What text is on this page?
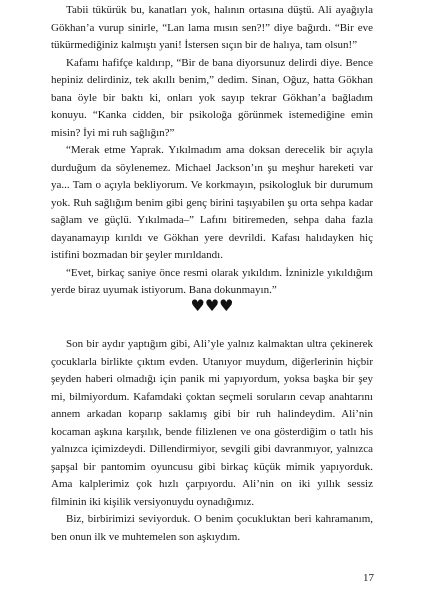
Tabii tükürük bu, kanatları yok, halının ortasına düştü. Ali ayağıyla Gökhan’a vurup sinirle, “Lan lama mısın sen?!” diye bağırdı. “Bir eve tükürmediğiniz kalmıştı yani! İstersen sıçın bir de halıya, tam olsun!”

Kafamı hafifçe kaldırıp, “Bir de bana diyorsunuz delirdi diye. Bence hepiniz delirdiniz, tek akıllı benim,” dedim. Sinan, Oğuz, hatta Gökhan bana öyle bir baktı ki, onları yok sayıp tekrar Gökhan’a bağladım konuyu. “Kanka cidden, bir psikoloğa görünmek istemediğine emin misin? İyi mi ruh sağlığın?”

“Merak etme Yaprak. Yıkılmadım ama doksan derecelik bir açıyla durduğum da söylenemez. Michael Jackson’ın şu meşhur hareketi var ya... Tam o açıyla bekliyorum. Ve korkmayın, psikologluk bir durumum yok. Ruh sağlığım benim gibi genç birini taşıyabilen şu orta sehpa kadar sağlam ve güçlü. Yıkılmada–” Lafını bitiremeden, sehpa daha fazla dayanamayıp kırıldı ve Gökhan yere devrildi. Kafası halıdayken hiç istifini bozmadan bir şeyler mırıldandı.

“Evet, birkaç saniye önce resmi olarak yıkıldım. İzninizle yıkıldığım yerde biraz uyumak istiyorum. Bana dokunmayın.”

♥♥♥

Son bir aydır yaptığım gibi, Ali’yle yalnız kalmaktan ultra çekinerek çocuklarla birlikte çıktım evden. Utanıyor muydum, diğerlerinin hiçbir şeyden haberi olmadığı için panik mi yapıyordum, yoksa başka bir şey mi, bilmiyordum. Kafamdaki çoktan seçmeli soruların cevap anahtarını annem arkadan koparıp saklamış gibi bir ruh halindeydim. Ali’nin kocaman aşkına karşılık, bende filizlenen ve ona gösterdiğim o tatlı his yalnızca içimizdeydi. Dillendirmiyor, sevgili gibi davranmıyor, yalnızca şapşal bir pantomim oyuncusu gibi birkaç küçük mimik yapıyorduk. Ama kalplerimiz çok hızlı çarpıyordu. Ali’nin on iki yıllık sessiz filminin iki kişilik versiyonuydu oynadığımız.

Biz, birbirimizi seviyorduk. O benim çocukluktan beri kahramanım, ben onun ilk ve muhtemelen son aşkıydım.

17
